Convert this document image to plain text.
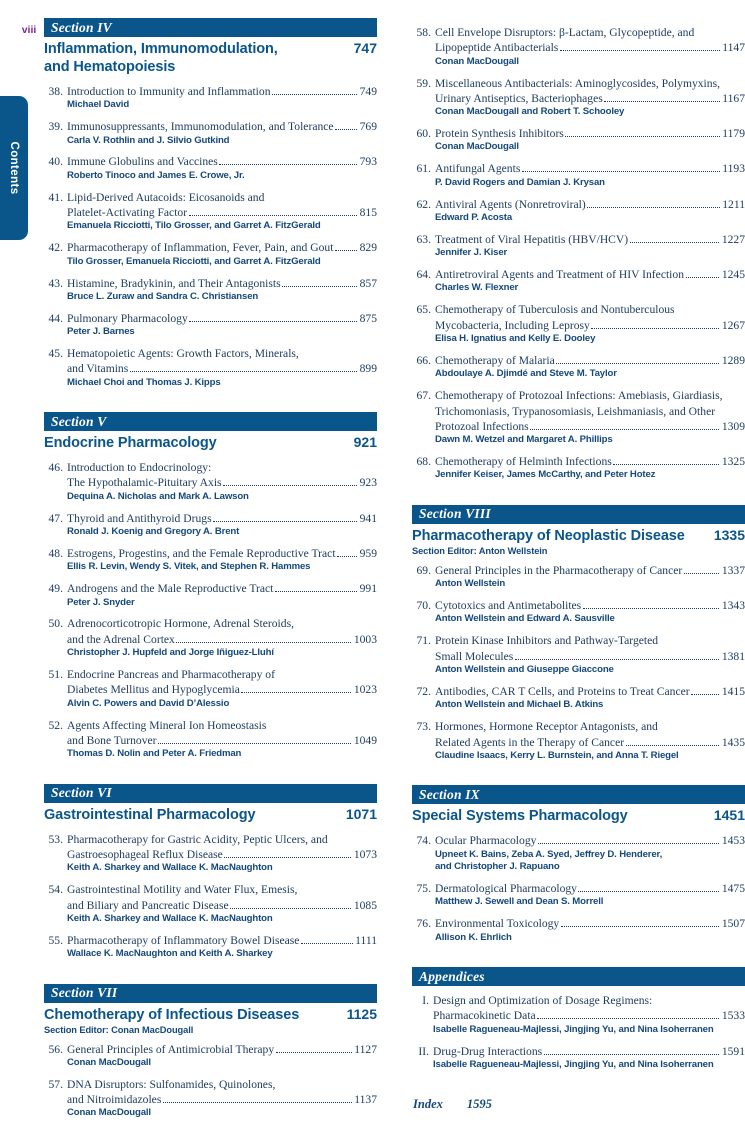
viii
Contents
Section IV
Inflammation, Immunomodulation,
and Hematopoiesis
747
38. Introduction to Immunity and Inflammation	749
Michael David
39. Immunosuppressants, Immunomodulation, and Tolerance 769
Carla V. Rothlin and J. Silvio Gutkind
40. Immune Globulins and Vaccines	793
Roberto Tinoco and James E. Crowe, Jr.
41. Lipid-Derived Autacoids: Eicosanoids and
Platelet-Activating Factor	815
Emanuela Ricciotti, Tilo Grosser, and Garret A. FitzGerald
42. Pharmacotherapy of Inflammation, Fever, Pain, and Gout 829
Tilo Grosser, Emanuela Ricciotti, and Garret A. FitzGerald
43. Histamine, Bradykinin, and Their Antagonists	857
Bruce L. Zuraw and Sandra C. Christiansen
44. Pulmonary Pharmacology	875
Peter J. Barnes
45. Hematopoietic Agents: Growth Factors, Minerals,
and Vitamins	899
Michael Choi and Thomas J. Kipps
Section V
Endocrine Pharmacology	921
46. Introduction to Endocrinology:
The Hypothalamic-Pituitary Axis	923
Dequina A. Nicholas and Mark A. Lawson
47. Thyroid and Antithyroid Drugs	941
Ronald J. Koenig and Gregory A. Brent
48. Estrogens, Progestins, and the Female Reproductive Tract 959
Ellis R. Levin, Wendy S. Vitek, and Stephen R. Hammes
49. Androgens and the Male Reproductive Tract	991
Peter J. Snyder
50. Adrenocorticotropic Hormone, Adrenal Steroids,
and the Adrenal Cortex	1003
Christopher J. Hupfeld and Jorge Iñiguez-Lluhí
51. Endocrine Pancreas and Pharmacotherapy of
Diabetes Mellitus and Hypoglycemia	1023
Alvin C. Powers and David D’Alessio
52. Agents Affecting Mineral Ion Homeostasis
and Bone Turnover	1049
Thomas D. Nolin and Peter A. Friedman
Section VI
Gastrointestinal Pharmacology	1071
53. Pharmacotherapy for Gastric Acidity, Peptic Ulcers, and
Gastroesophageal Reflux Disease	1073
Keith A. Sharkey and Wallace K. MacNaughton
54. Gastrointestinal Motility and Water Flux, Emesis,
and Biliary and Pancreatic Disease	1085
Keith A. Sharkey and Wallace K. MacNaughton
55. Pharmacotherapy of Inflammatory Bowel Disease	1111
Wallace K. MacNaughton and Keith A. Sharkey
Section VII
Chemotherapy of Infectious Diseases	1125
Section Editor: Conan MacDougall
56. General Principles of Antimicrobial Therapy	1127
Conan MacDougall
57. DNA Disruptors: Sulfonamides, Quinolones,
and Nitroimidazoles	1137
Conan MacDougall
58. Cell Envelope Disruptors: β-Lactam, Glycopeptide, and
Lipopeptide Antibacterials	1147
Conan MacDougall
59. Miscellaneous Antibacterials: Aminoglycosides, Polymyxins,
Urinary Antiseptics, Bacteriophages	1167
Conan MacDougall and Robert T. Schooley
60. Protein Synthesis Inhibitors	1179
Conan MacDougall
61. Antifungal Agents	1193
P. David Rogers and Damian J. Krysan
62. Antiviral Agents (Nonretroviral)	1211
Edward P. Acosta
63. Treatment of Viral Hepatitis (HBV/HCV)	1227
Jennifer J. Kiser
64. Antiretroviral Agents and Treatment of HIV Infection	1245
Charles W. Flexner
65. Chemotherapy of Tuberculosis and Nontuberculous
Mycobacteria, Including Leprosy	1267
Elisa H. Ignatius and Kelly E. Dooley
66. Chemotherapy of Malaria	1289
Abdoulaye A. Djimdé and Steve M. Taylor
67. Chemotherapy of Protozoal Infections: Amebiasis, Giardiasis,
Trichomoniasis, Trypanosomiasis, Leishmaniasis, and Other
Protozoal Infections	1309
Dawn M. Wetzel and Margaret A. Phillips
68. Chemotherapy of Helminth Infections	1325
Jennifer Keiser, James McCarthy, and Peter Hotez
Section VIII
Pharmacotherapy of Neoplastic Disease 1335
Section Editor: Anton Wellstein
69. General Principles in the Pharmacotherapy of Cancer	1337
Anton Wellstein
70. Cytotoxics and Antimetabolites	1343
Anton Wellstein and Edward A. Sausville
71. Protein Kinase Inhibitors and Pathway-Targeted
Small Molecules	1381
Anton Wellstein and Giuseppe Giaccone
72. Antibodies, CAR T Cells, and Proteins to Treat Cancer	1415
Anton Wellstein and Michael B. Atkins
73. Hormones, Hormone Receptor Antagonists, and
Related Agents in the Therapy of Cancer	1435
Claudine Isaacs, Kerry L. Burnstein, and Anna T. Riegel
Section IX
Special Systems Pharmacology	1451
74. Ocular Pharmacology	1453
Upneet K. Bains, Zeba A. Syed, Jeffrey D. Henderer,
and Christopher J. Rapuano
75. Dermatological Pharmacology	1475
Matthew J. Sewell and Dean S. Morrell
76. Environmental Toxicology	1507
Allison K. Ehrlich
Appendices
I. Design and Optimization of Dosage Regimens:
Pharmacokinetic Data	1533
Isabelle Ragueneau-Majlessi, Jingjing Yu, and Nina Isoherranen
II. Drug-Drug Interactions	1591
Isabelle Ragueneau-Majlessi, Jingjing Yu, and Nina Isoherranen
Index 1595
